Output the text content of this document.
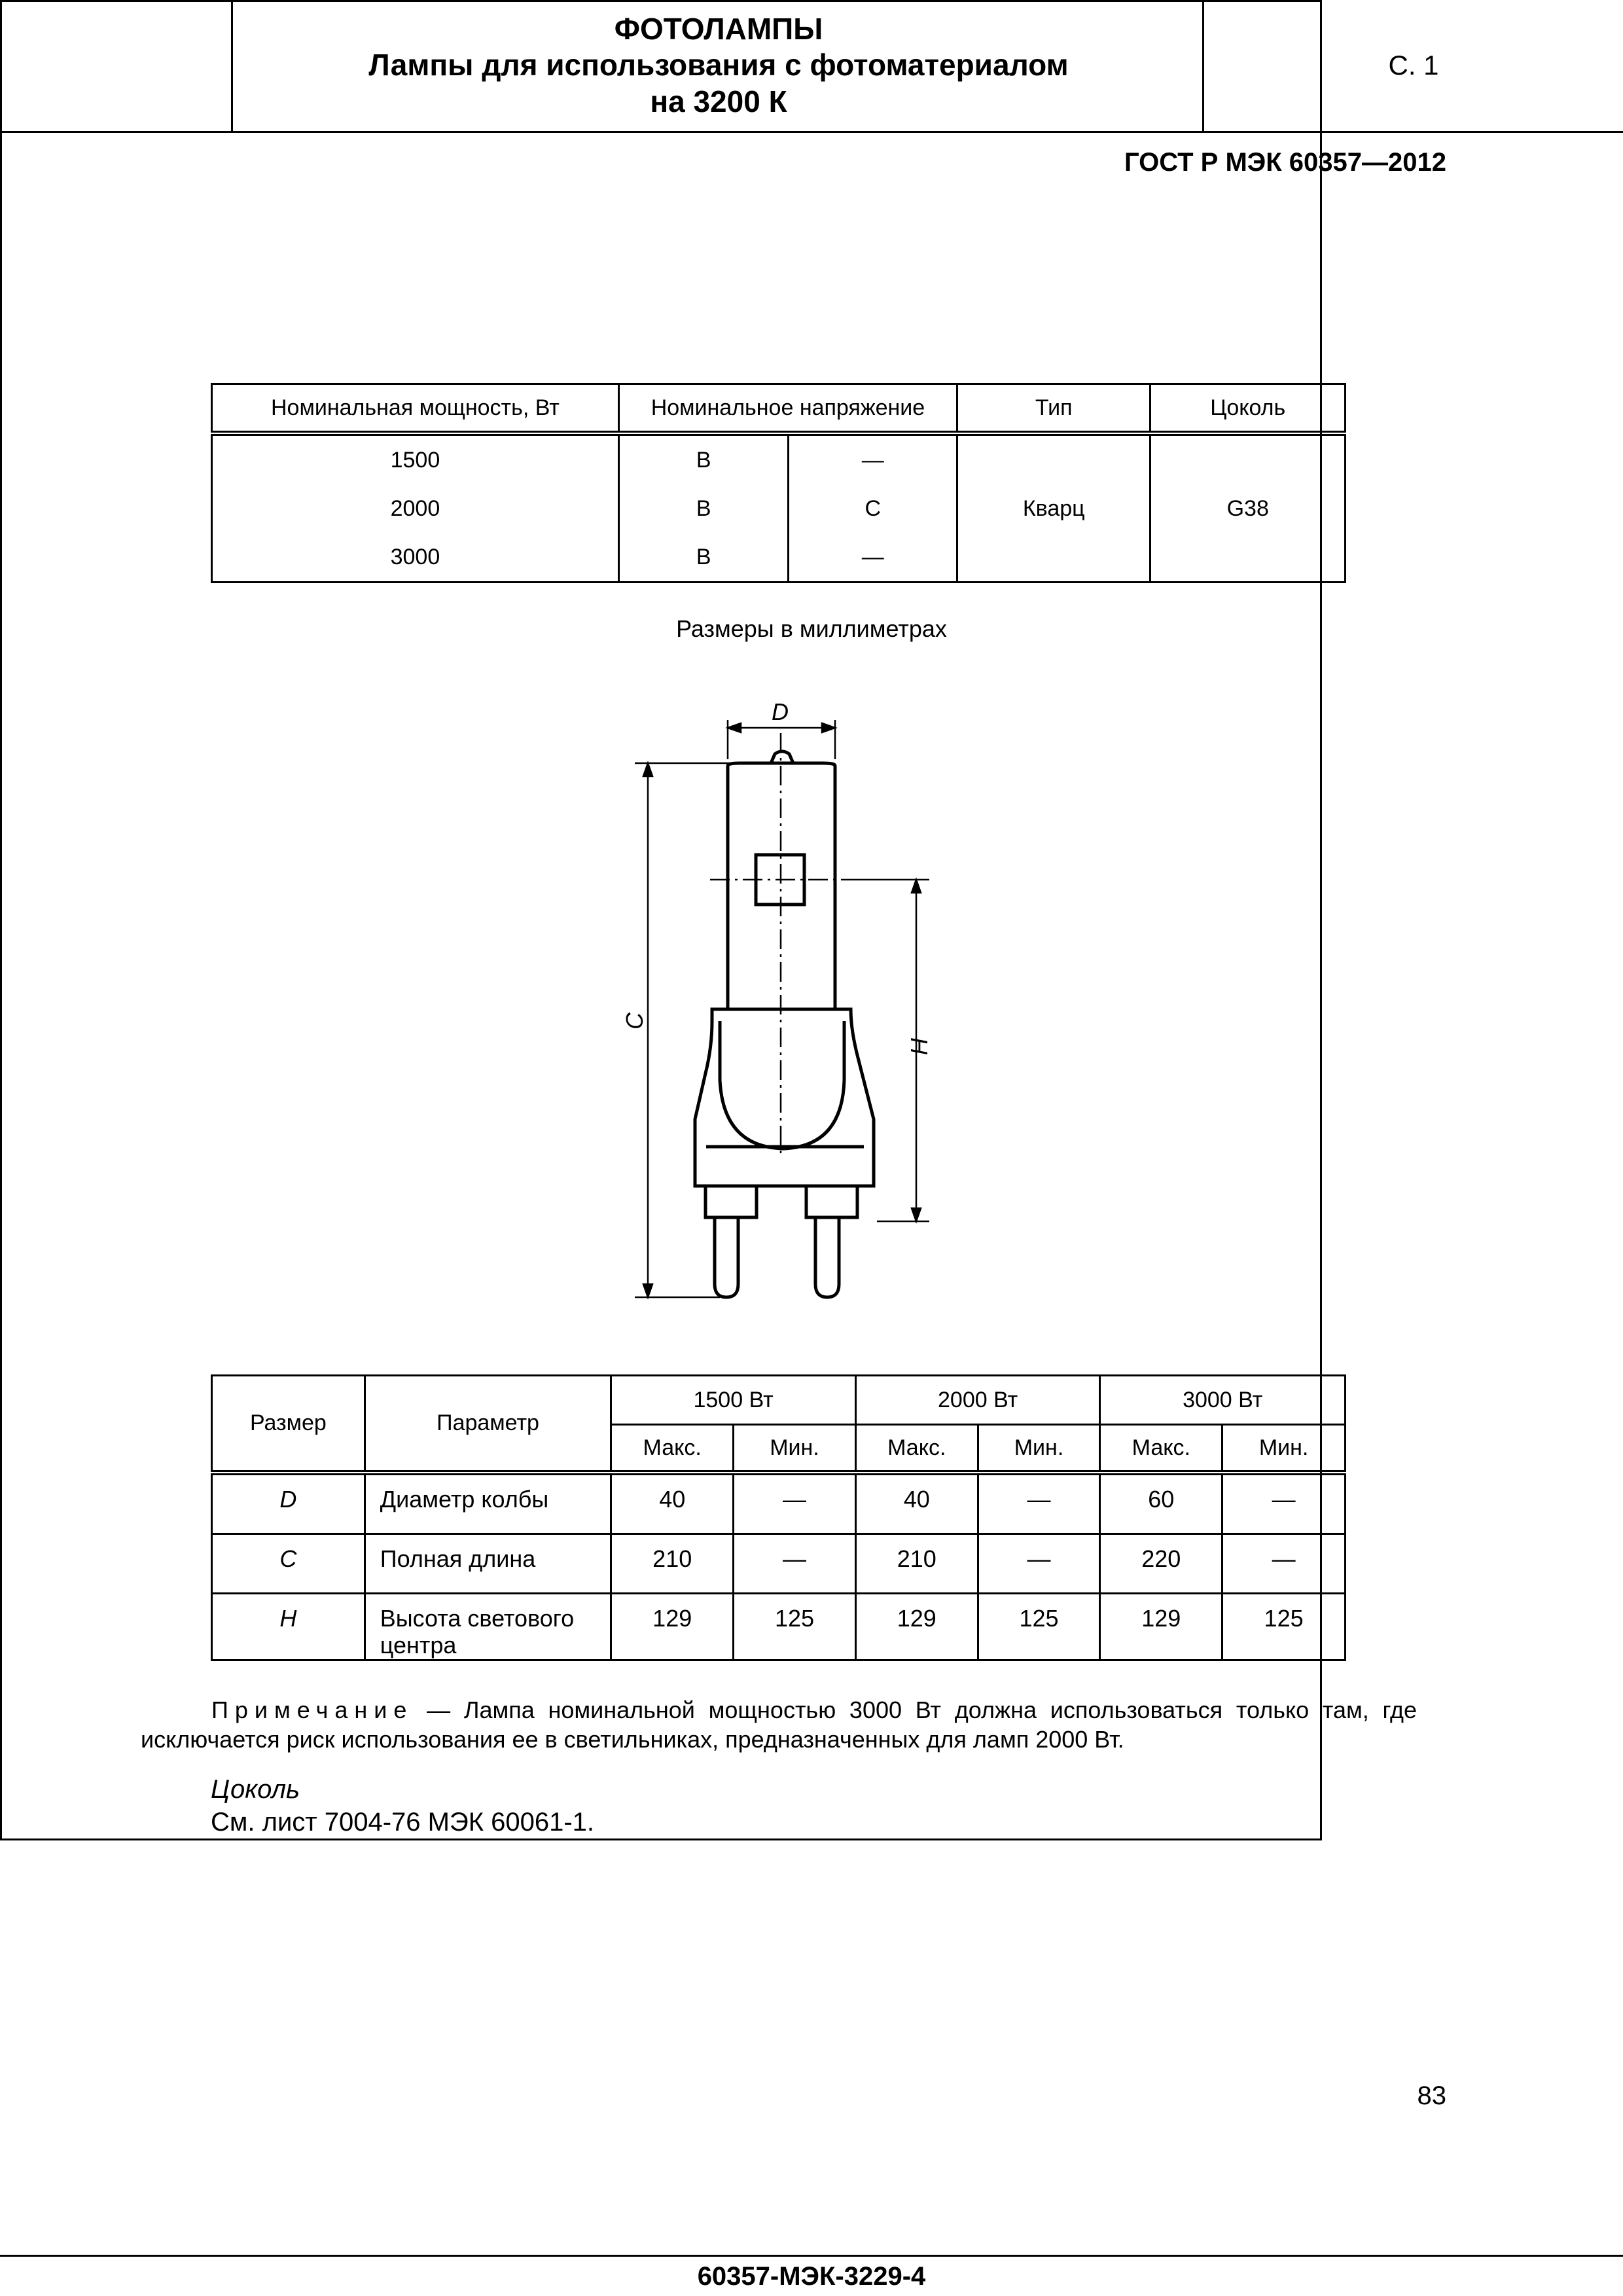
ГОСТ Р МЭК 60357—2012
ФОТОЛАМПЫ
Лампы для использования с фотоматериалом
на 3200 К
С. 1
60357-МЭК-3229-4
Номинальная мощность, Вт	Номинальное напряжение		Тип	Цоколь
1500	В	—	Кварц	G38
2000	В	С		
3000	В	—		
Размеры в миллиметрах
D
C
H
Размер	Параметр	1500 Вт		2000 Вт		3000 Вт	
		Макс.	Мин.	Макс.	Мин.	Макс.	Мин.
D	Диаметр колбы	40	—	40	—	60	—
C	Полная длина	210	—	210	—	220	—
H	Высота светового центра	129	125	129	125	129	125
Примечание — Лампа номинальной мощностью 3000 Вт должна использоваться только там, где исключается риск использования ее в светильниках, предназначенных для ламп 2000 Вт.
Цоколь
См. лист 7004-76 МЭК 60061-1.
83
